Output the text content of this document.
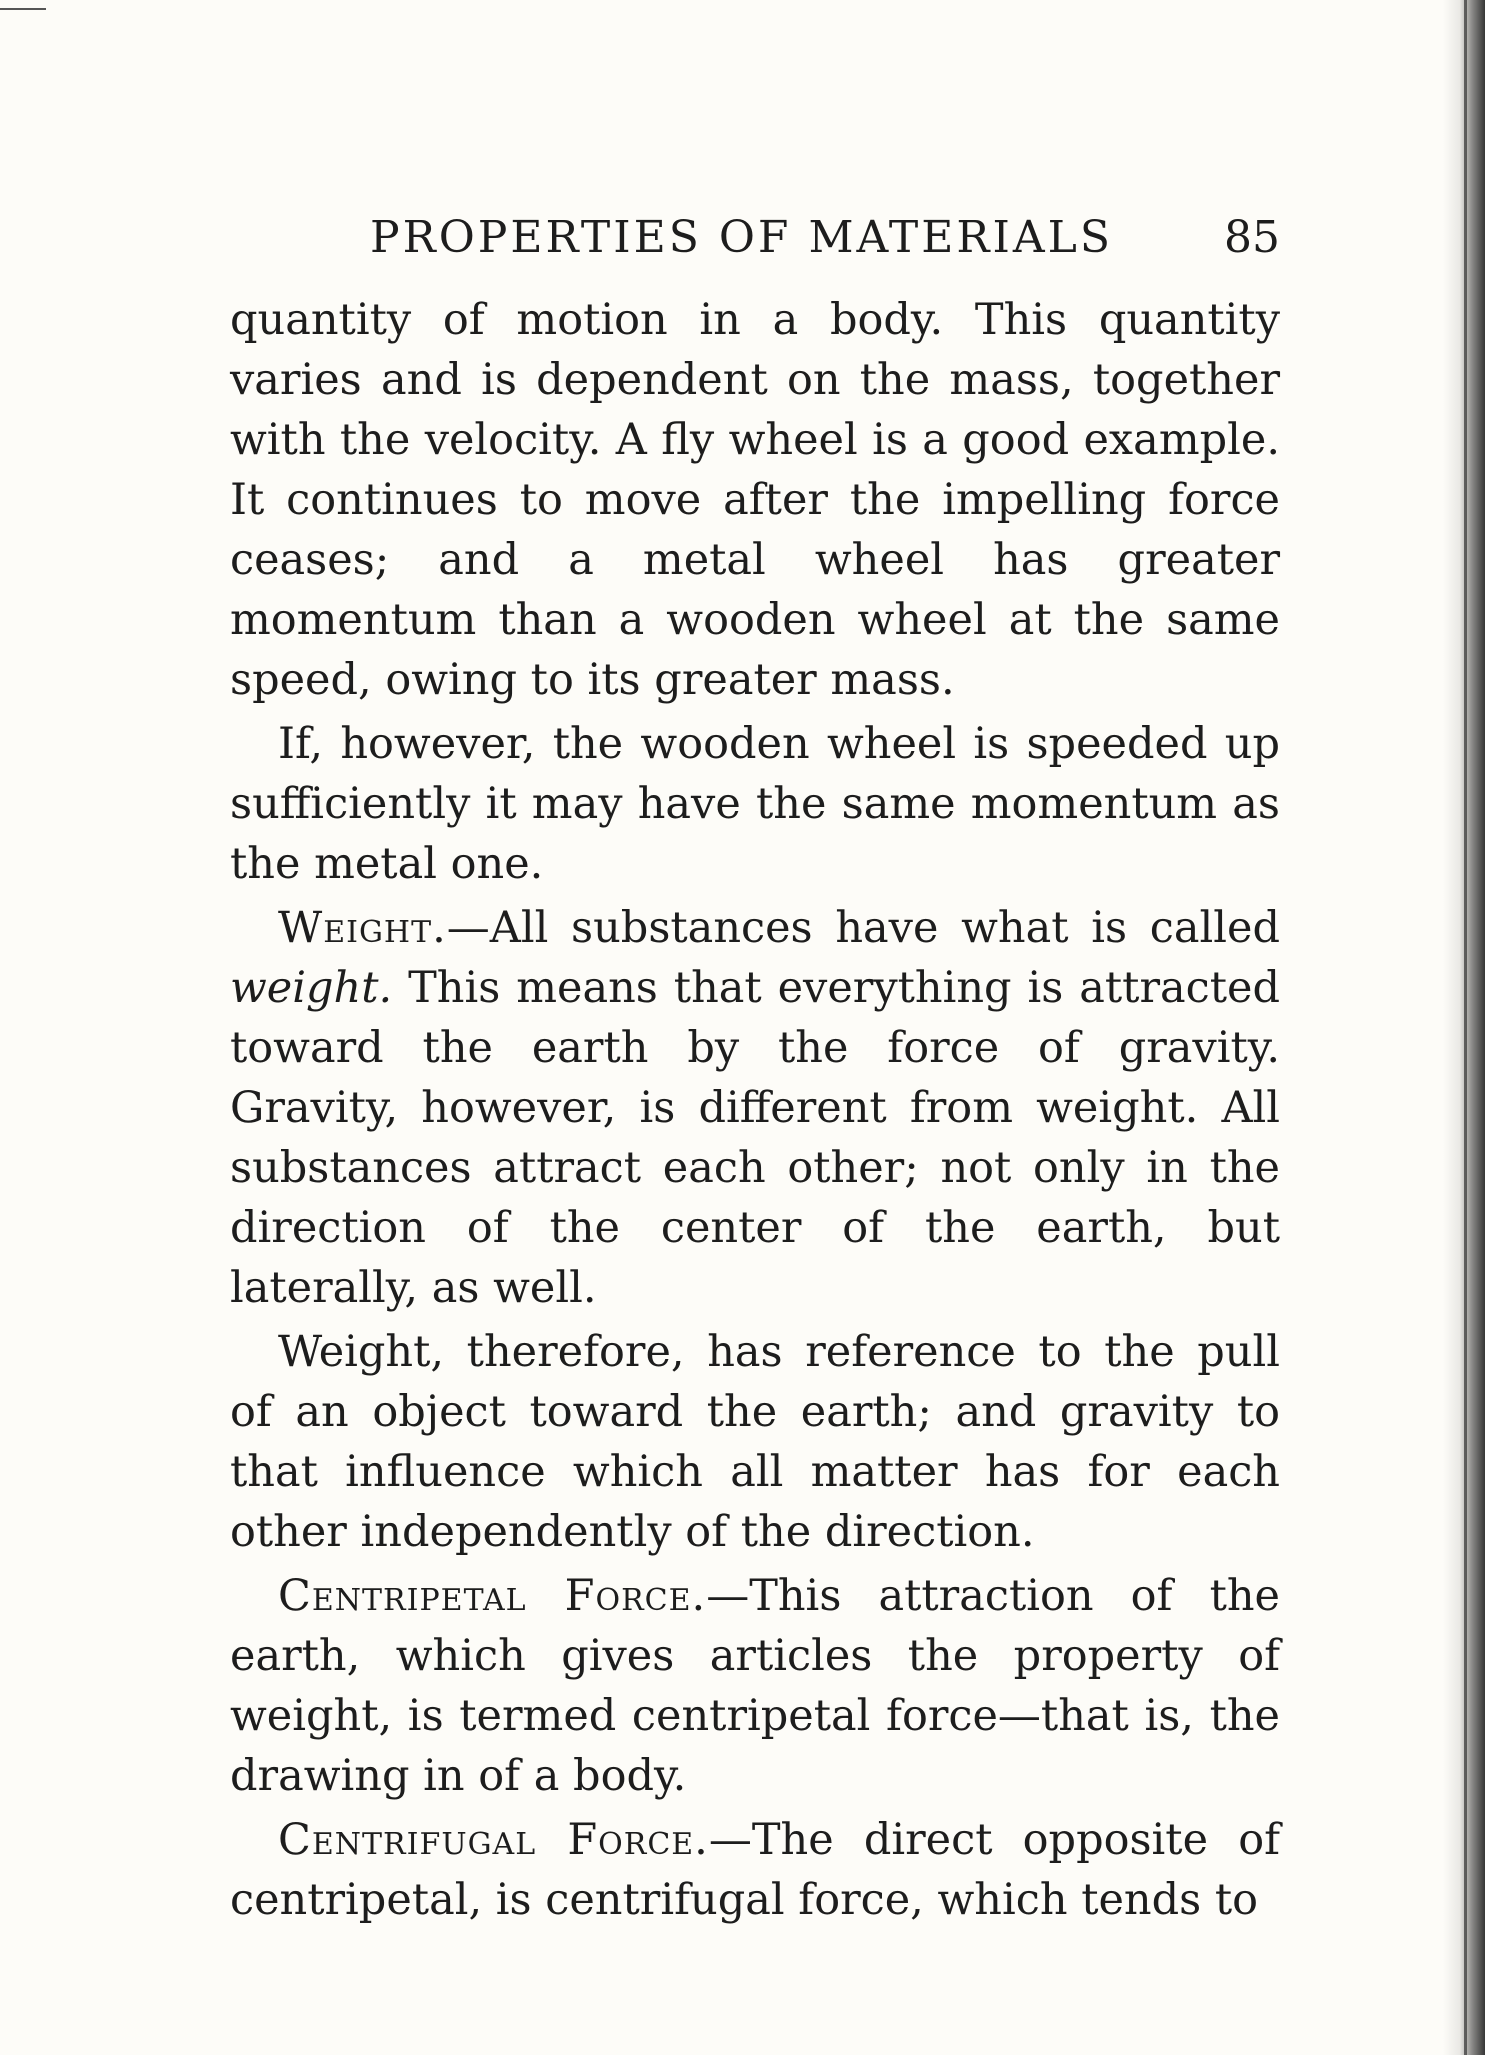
PROPERTIES OF MATERIALS	85

quantity of motion in a body. This quantity varies and is dependent on the mass, together with the velocity. A fly wheel is a good example. It continues to move after the impelling force ceases; and a metal wheel has greater momentum than a wooden wheel at the same speed, owing to its greater mass.

If, however, the wooden wheel is speeded up sufficiently it may have the same momentum as the metal one.

Weight.—All substances have what is called weight. This means that everything is attracted toward the earth by the force of gravity. Gravity, however, is different from weight. All substances attract each other; not only in the direction of the center of the earth, but laterally, as well.

Weight, therefore, has reference to the pull of an object toward the earth; and gravity to that influence which all matter has for each other independently of the direction.

Centripetal Force.—This attraction of the earth, which gives articles the property of weight, is termed centripetal force—that is, the drawing in of a body.

Centrifugal Force.—The direct opposite of centripetal, is centrifugal force, which tends to
